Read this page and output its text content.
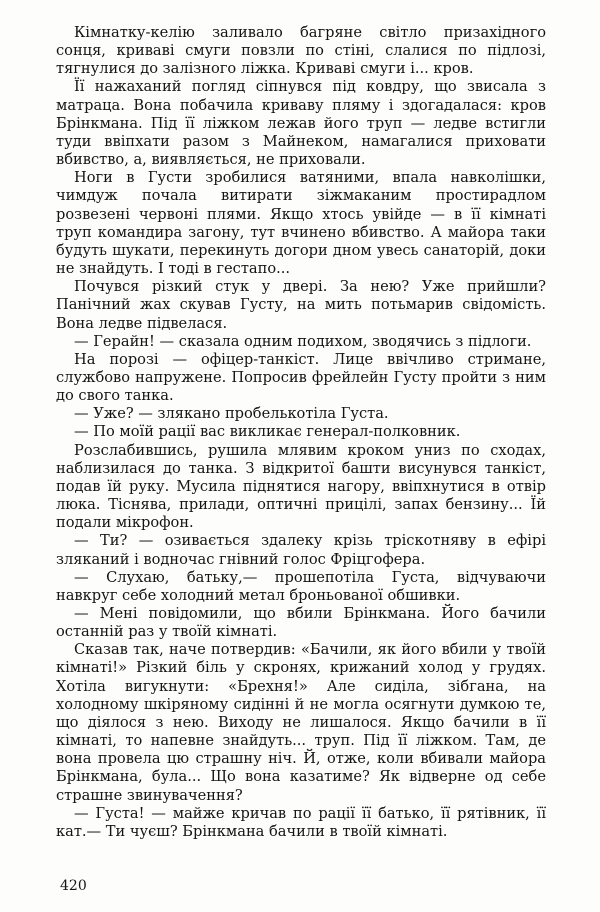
Кімнатку-келію заливало багряне світло призахідного сонця, криваві смуги повзли по стіні, слалися по підлозі, тягнулися до залізного ліжка. Криваві смуги і... кров.

Її нажаханий погляд сіпнувся під ковдру, що звисала з матраца. Вона побачила криваву пляму і здогадалася: кров Брінкмана. Під її ліжком лежав його труп — ледве встигли туди ввіпхати разом з Майнеком, намагалися приховати вбивство, а, виявляється, не приховали.

Ноги в Густи зробилися ватяними, впала навколішки, чимдуж почала витирати зіжмаканим простирадлом розвезені червоні плями. Якщо хтось увійде — в її кімнаті труп командира загону, тут вчинено вбивство. А майора таки будуть шукати, перекинуть догори дном увесь санаторій, доки не знайдуть. І тоді в гестапо...

Почувся різкий стук у двері. За нею? Уже прийшли? Панічний жах скував Густу, на мить потьмарив свідомість. Вона ледве підвелася.

— Герайн! — сказала одним подихом, зводячись з підлоги.

На порозі — офіцер-танкіст. Лице ввічливо стримане, службово напружене. Попросив фрейлейн Густу пройти з ним до свого танка.

— Уже? — злякано пробелькотіла Густа.

— По моїй рації вас викликає генерал-полковник.

Розслабившись, рушила млявим кроком униз по сходах, наблизилася до танка. З відкритої башти висунувся танкіст, подав їй руку. Мусила піднятися нагору, ввіпхнутися в отвір люка. Тіснява, прилади, оптичні прицілі, запах бензину... Їй подали мікрофон.

— Ти? — озивається здалеку крізь тріскотняву в ефірі зляканий і водночас гнівний голос Фріцгофера.

— Слухаю, батьку,— прошепотіла Густа, відчуваючи навкруг себе холодний метал броньованої обшивки.

— Мені повідомили, що вбили Брінкмана. Його бачили останній раз у твоїй кімнаті.

Сказав так, наче потвердив: «Бачили, як його вбили у твоїй кімнаті!» Різкий біль у скронях, крижаний холод у грудях. Хотіла вигукнути: «Брехня!» Але сиділа, зібгана, на холодному шкіряному сидінні й не могла осягнути думкою те, що діялося з нею. Виходу не лишалося. Якщо бачили в її кімнаті, то напевне знайдуть... труп. Під її ліжком. Там, де вона провела цю страшну ніч. Й, отже, коли вбивали майора Брінкмана, була... Що вона казатиме? Як відверне од себе страшне звинувачення?

— Густа! — майже кричав по рації її батько, її рятівник, її кат.— Ти чуєш? Брінкмана бачили в твоїй кімнаті.

420
